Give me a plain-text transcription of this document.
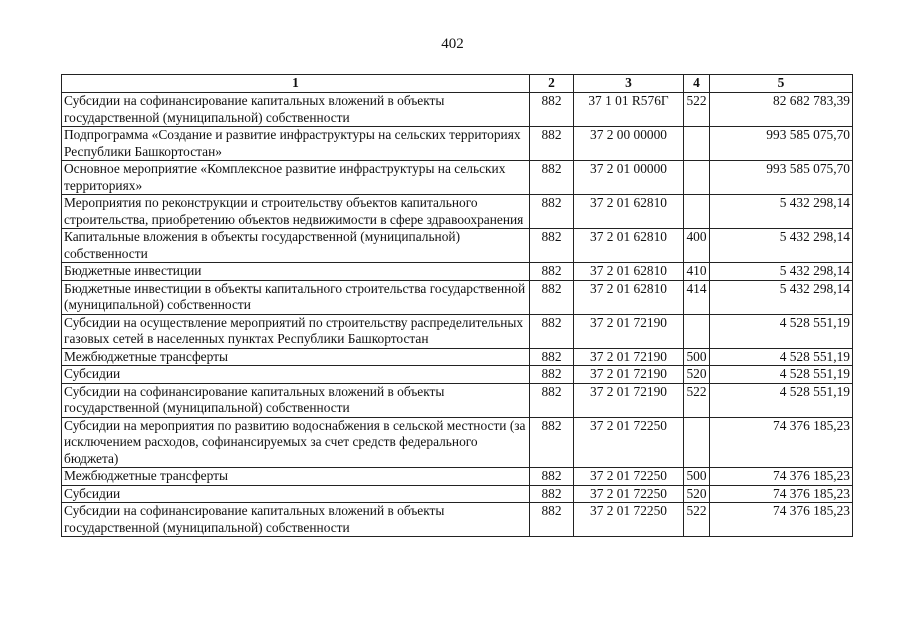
402
1	2	3	4	5
Субсидии на софинансирование капитальных вложений в объекты государственной (муниципальной) собственности	882	37 1 01 R576Г	522	82 682 783,39
Подпрограмма «Создание и развитие инфраструктуры на сельских территориях Республики Башкортостан»	882	37 2 00 00000		993 585 075,70
Основное мероприятие «Комплексное развитие инфраструктуры на сельских территориях»	882	37 2 01 00000		993 585 075,70
Мероприятия по реконструкции и строительству объектов капитального строительства, приобретению объектов недвижимости в сфере здравоохранения	882	37 2 01 62810		5 432 298,14
Капитальные вложения в объекты государственной (муниципальной) собственности	882	37 2 01 62810	400	5 432 298,14
Бюджетные инвестиции	882	37 2 01 62810	410	5 432 298,14
Бюджетные инвестиции в объекты капитального строительства государственной (муниципальной) собственности	882	37 2 01 62810	414	5 432 298,14
Субсидии на осуществление мероприятий по строительству распределительных газовых сетей в населенных пунктах Республики Башкортостан	882	37 2 01 72190		4 528 551,19
Межбюджетные трансферты	882	37 2 01 72190	500	4 528 551,19
Субсидии	882	37 2 01 72190	520	4 528 551,19
Субсидии на софинансирование капитальных вложений в объекты государственной (муниципальной) собственности	882	37 2 01 72190	522	4 528 551,19
Субсидии на мероприятия по развитию водоснабжения в сельской местности (за исключением расходов, софинансируемых за счет средств федерального бюджета)	882	37 2 01 72250		74 376 185,23
Межбюджетные трансферты	882	37 2 01 72250	500	74 376 185,23
Субсидии	882	37 2 01 72250	520	74 376 185,23
Субсидии на софинансирование капитальных вложений в объекты государственной (муниципальной) собственности	882	37 2 01 72250	522	74 376 185,23
